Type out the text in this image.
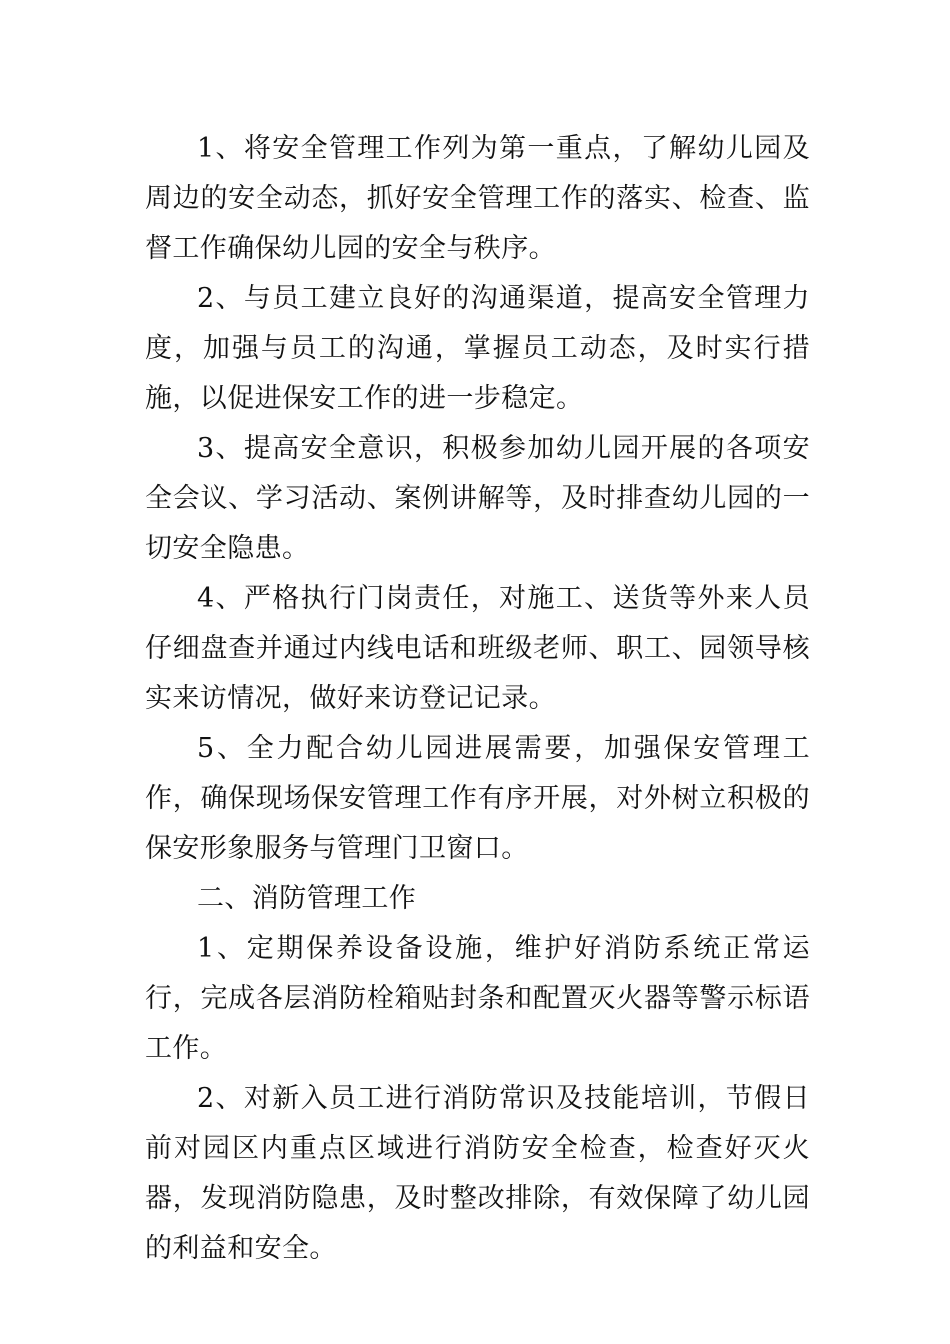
1、将安全管理工作列为第一重点，了解幼儿园及周边的安全动态，抓好安全管理工作的落实、检查、监督工作确保幼儿园的安全与秩序。

2、与员工建立良好的沟通渠道，提高安全管理力度，加强与员工的沟通，掌握员工动态，及时实行措施，以促进保安工作的进一步稳定。

3、提高安全意识，积极参加幼儿园开展的各项安全会议、学习活动、案例讲解等，及时排查幼儿园的一切安全隐患。

4、严格执行门岗责任，对施工、送货等外来人员仔细盘查并通过内线电话和班级老师、职工、园领导核实来访情况，做好来访登记记录。

5、全力配合幼儿园进展需要，加强保安管理工作，确保现场保安管理工作有序开展，对外树立积极的保安形象服务与管理门卫窗口。

二、消防管理工作

1、定期保养设备设施，维护好消防系统正常运行，完成各层消防栓箱贴封条和配置灭火器等警示标语工作。

2、对新入员工进行消防常识及技能培训，节假日前对园区内重点区域进行消防安全检查，检查好灭火器，发现消防隐患，及时整改排除，有效保障了幼儿园的利益和安全。
